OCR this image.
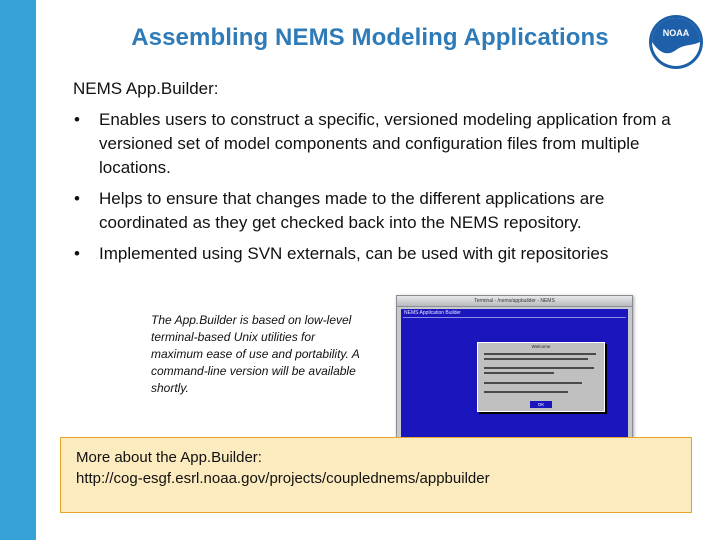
Assembling NEMS Modeling Applications	NOAA
NEMS App.Builder:
• Enables users to construct a specific, versioned modeling application from a versioned set of model components and configuration files from multiple locations.
• Helps to ensure that changes made to the different applications are coordinated as they get checked back into the NEMS repository.
• Implemented using SVN externals, can be used with git repositories
The App.Builder is based on low-level terminal-based Unix utilities for maximum ease of use and portability. A command-line version will be available shortly.
Terminal - /nems/appbuilder - NEMS
NEMS Application Builder
Welcome
OK
More about the App.Builder:
http://cog-esgf.esrl.noaa.gov/projects/couplednems/appbuilder
